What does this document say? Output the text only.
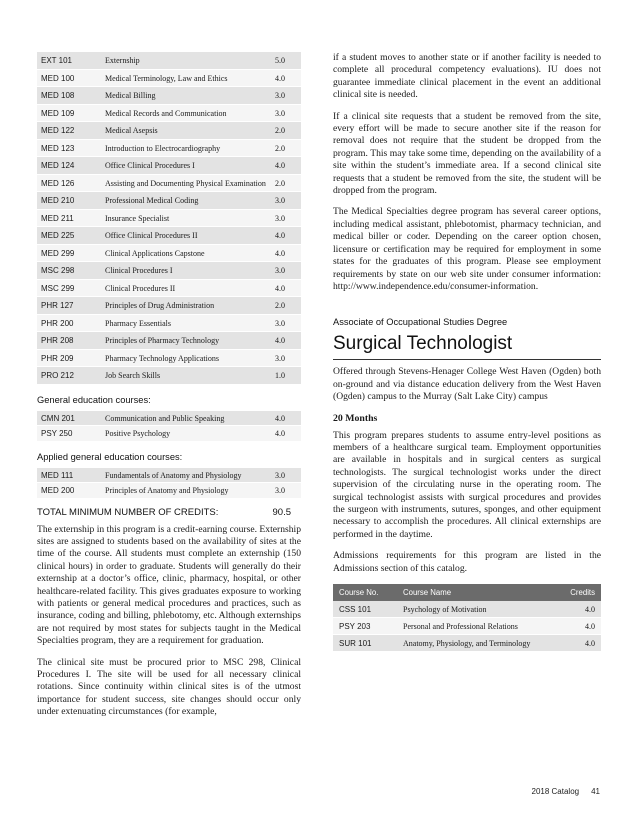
EXT 101	Externship	5.0
MED 100	Medical Terminology, Law and Ethics	4.0
MED 108	Medical Billing	3.0
MED 109	Medical Records and Communication	3.0
MED 122	Medical Asepsis	2.0
MED 123	Introduction to Electrocardiography	2.0
MED 124	Office Clinical Procedures I	4.0
MED 126	Assisting and Documenting Physical Examination	2.0
MED 210	Professional Medical Coding	3.0
MED 211	Insurance Specialist	3.0
MED 225	Office Clinical Procedures II	4.0
MED 299	Clinical Applications Capstone	4.0
MSC 298	Clinical Procedures I	3.0
MSC 299	Clinical Procedures II	4.0
PHR 127	Principles of Drug Administration	2.0
PHR 200	Pharmacy Essentials	3.0
PHR 208	Principles of Pharmacy Technology	4.0
PHR 209	Pharmacy Technology Applications	3.0
PRO 212	Job Search Skills	1.0
General education courses:
CMN 201	Communication and Public Speaking	4.0
PSY 250	Positive Psychology	4.0
Applied general education courses:
MED 111	Fundamentals of Anatomy and Physiology	3.0
MED 200	Principles of Anatomy and Physiology	3.0
TOTAL MINIMUM NUMBER OF CREDITS:	90.5

The externship in this program is a credit-earning course. Externship sites are assigned to students based on the availability of sites at the time of the course. All students must complete an externship (150 clinical hours) in order to graduate. Students will generally do their externship at a doctor’s office, clinic, pharmacy, hospital, or other healthcare-related facility. This gives graduates exposure to working with patients or general medical procedures and practices, such as insurance, coding and billing, phlebotomy, etc. Although externships are not required by most states for subjects taught in the Medical Specialties program, they are a requirement for graduation.

The clinical site must be procured prior to MSC 298, Clinical Procedures I. The site will be used for all necessary clinical rotations. Since continuity within clinical sites is of the utmost importance for student success, site changes should occur only under extenuating circumstances (for example,

if a student moves to another state or if another facility is needed to complete all procedural competency evaluations). IU does not guarantee immediate clinical placement in the event an additional clinical site is needed.

If a clinical site requests that a student be removed from the site, every effort will be made to secure another site if the reason for removal does not require that the student be dropped from the program. This may take some time, depending on the availability of a site within the student’s immediate area. If a second clinical site requests that a student be removed from the site, the student will be dropped from the program.

The Medical Specialties degree program has several career options, including medical assistant, phlebotomist, pharmacy technician, and medical biller or coder. Depending on the career option chosen, licensure or certification may be required for employment in some states for the graduates of this program. Please see employment requirements by state on our web site under consumer information: http://www.independence.edu/consumer-information.

Associate of Occupational Studies Degree
Surgical Technologist

Offered through Stevens-Henager College West Haven (Ogden) both on-ground and via distance education delivery from the West Haven (Ogden) campus to the Murray (Salt Lake City) campus

20 Months

This program prepares students to assume entry-level positions as members of a healthcare surgical team. Employment opportunities are available in hospitals and in surgical centers as surgical technologists. The surgical technologist works under the direct supervision of the circulating nurse in the operating room. The surgical technologist assists with surgical procedures and provides the surgeon with instruments, sutures, sponges, and other equipment necessary to accomplish the procedures. All clinical externships are performed in the daytime.

Admissions requirements for this program are listed in the Admissions section of this catalog.

Course No.	Course Name	Credits
CSS 101	Psychology of Motivation	4.0
PSY 203	Personal and Professional Relations	4.0
SUR 101	Anatomy, Physiology, and Terminology	4.0
2018 Catalog 41
